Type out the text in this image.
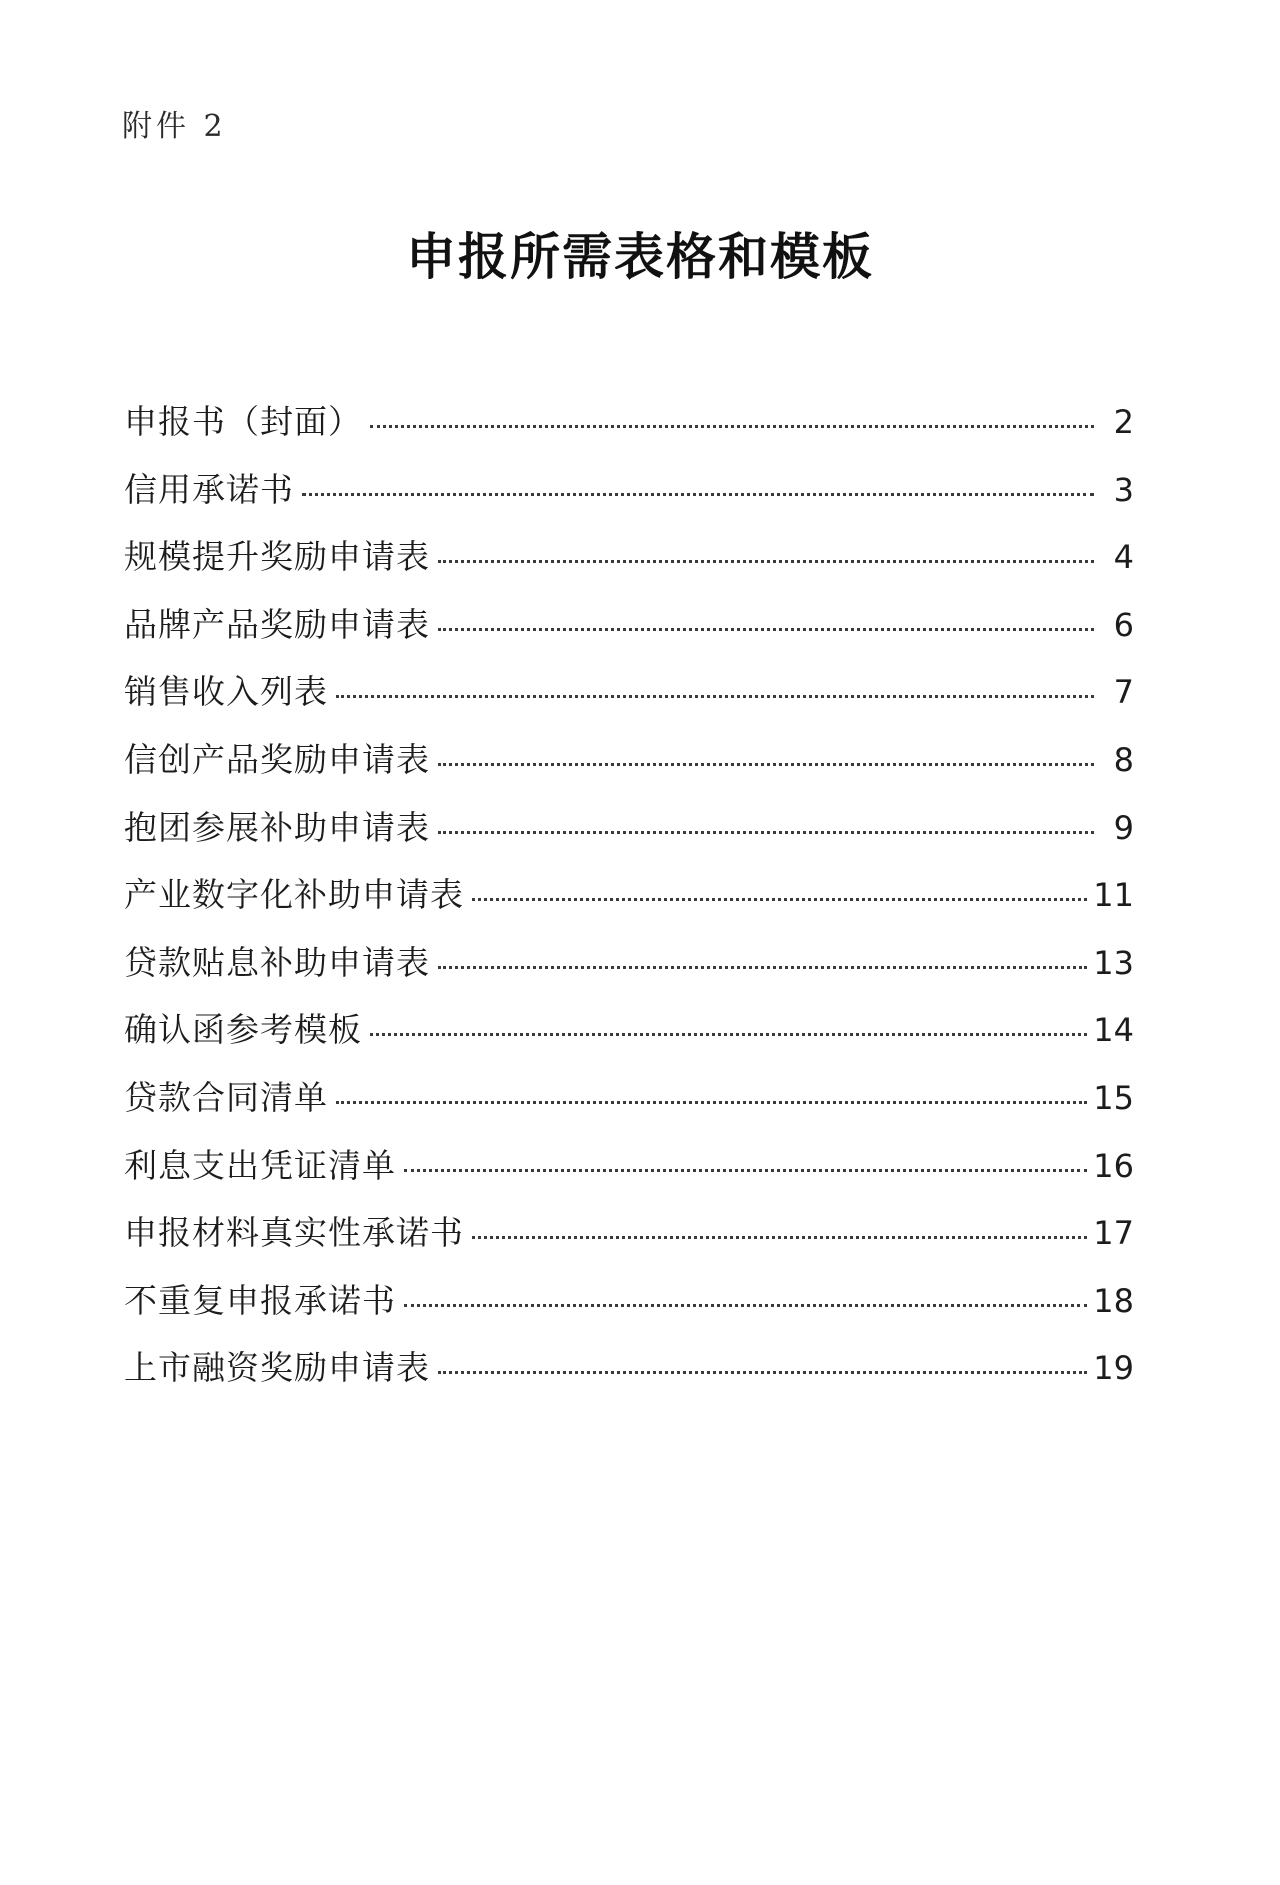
附件 2
申报所需表格和模板
申报书（封面）	2
信用承诺书	3
规模提升奖励申请表	4
品牌产品奖励申请表	6
销售收入列表	7
信创产品奖励申请表	8
抱团参展补助申请表	9
产业数字化补助申请表	11
贷款贴息补助申请表	13
确认函参考模板	14
贷款合同清单	15
利息支出凭证清单	16
申报材料真实性承诺书	17
不重复申报承诺书	18
上市融资奖励申请表	19
